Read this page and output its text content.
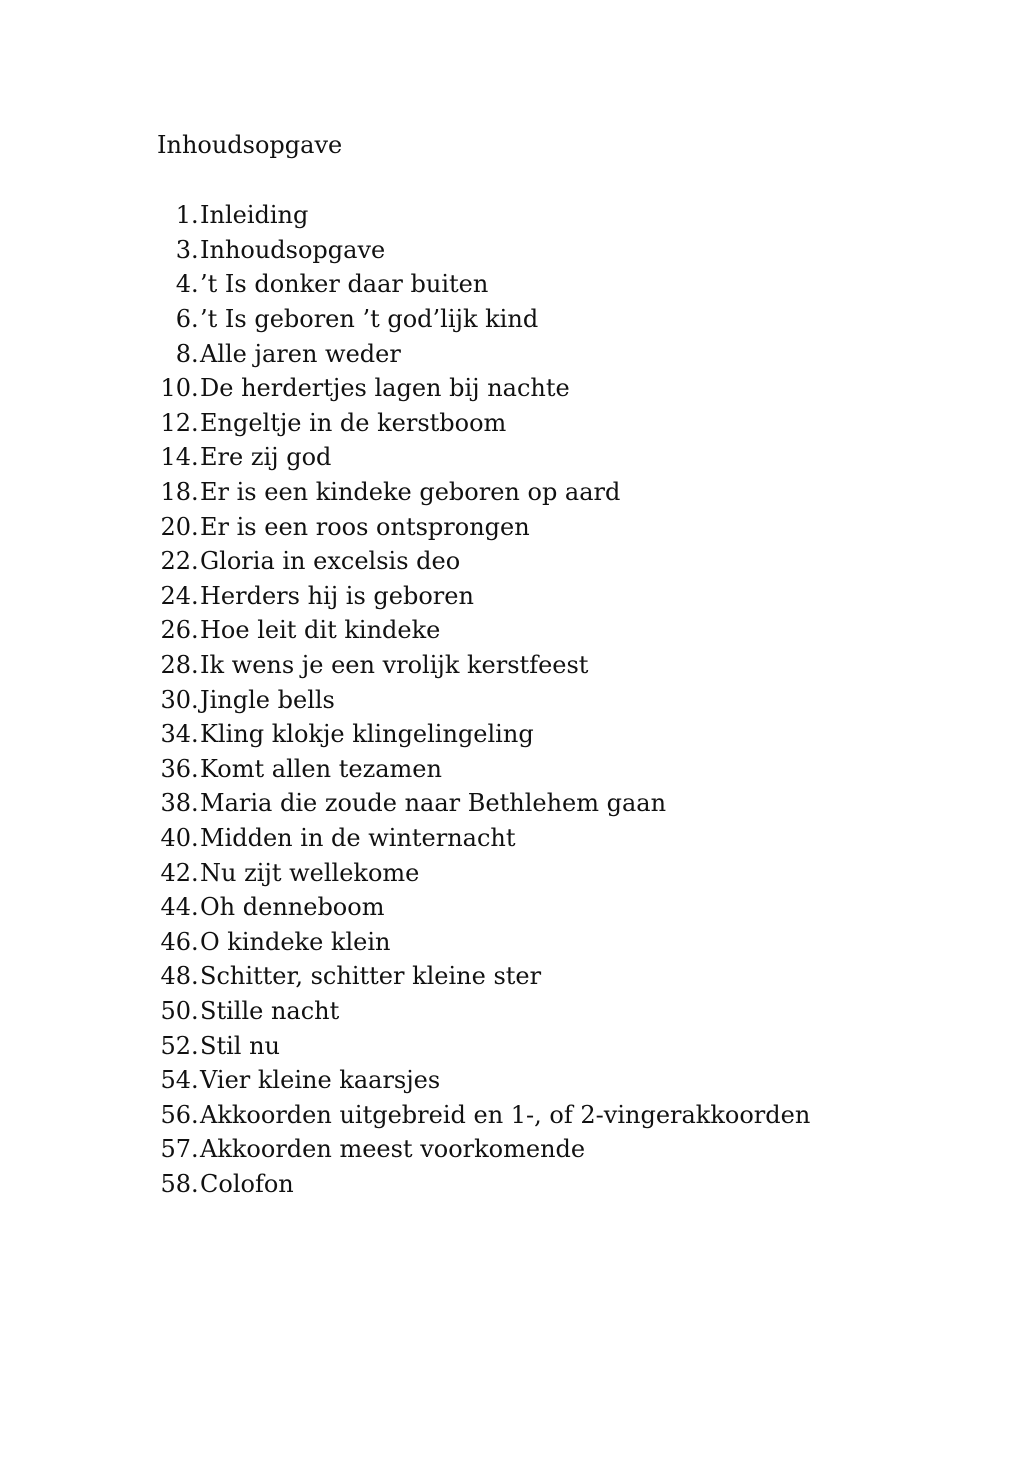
Inhoudsopgave
1 . Inleiding
3 . Inhoudsopgave
4 . ’t Is donker daar buiten
6 . ’t Is geboren ’t god’lijk kind
8 . Alle jaren weder
10 . De herdertjes lagen bij nachte
12 . Engeltje in de kerstboom
14 . Ere zij god
18 . Er is een kindeke geboren op aard
20 . Er is een roos ontsprongen
22 . Gloria in excelsis deo
24 . Herders hij is geboren
26 . Hoe leit dit kindeke
28 . Ik wens je een vrolijk kerstfeest
30 . Jingle bells
34 . Kling klokje klingelingeling
36 . Komt allen tezamen
38 . Maria die zoude naar Bethlehem gaan
40 . Midden in de winternacht
42 . Nu zijt wellekome
44 . Oh denneboom
46 . O kindeke klein
48 . Schitter, schitter kleine ster
50 . Stille nacht
52 . Stil nu
54 . Vier kleine kaarsjes
56 . Akkoorden uitgebreid en 1-, of 2-vingerakkoorden
57 . Akkoorden meest voorkomende
58 . Colofon
